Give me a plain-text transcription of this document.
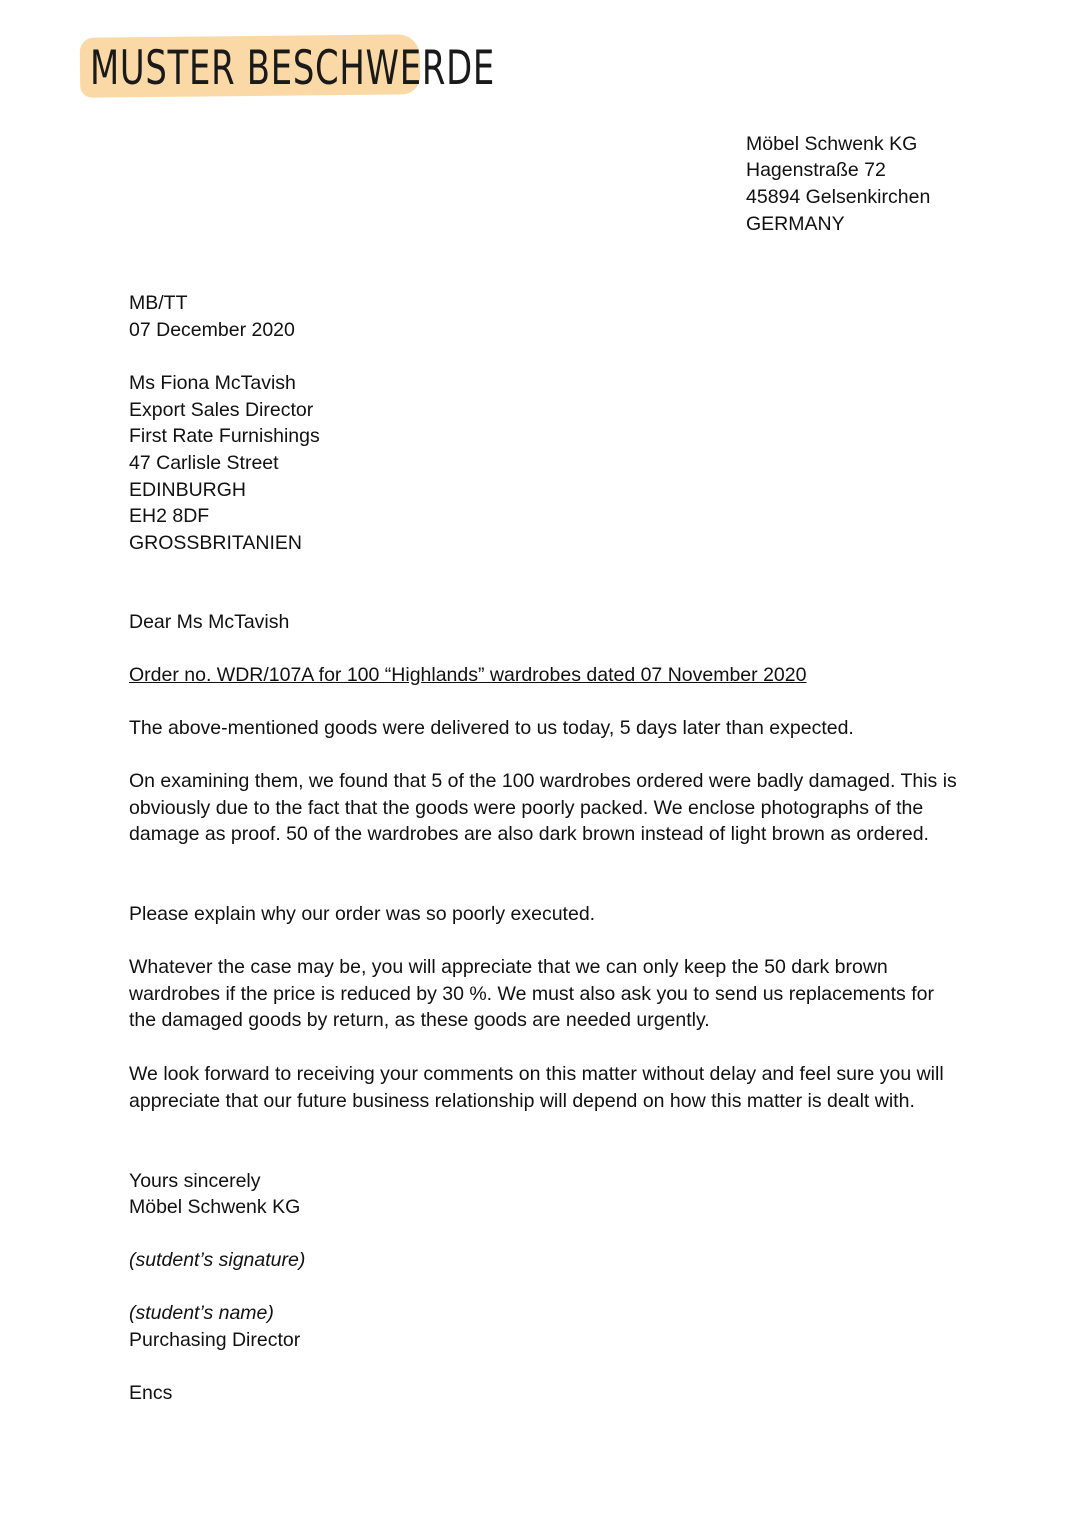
MUSTER BESCHWERDE
Möbel Schwenk KG
Hagenstraße 72
45894 Gelsenkirchen
GERMANY
MB/TT
07 December 2020
Ms Fiona McTavish
Export Sales Director
First Rate Furnishings
47 Carlisle Street
EDINBURGH
EH2 8DF
GROSSBRITANIEN
Dear Ms McTavish
Order no. WDR/107A for 100 “Highlands” wardrobes dated 07 November 2020
The above-mentioned goods were delivered to us today, 5 days later than expected.
On examining them, we found that 5 of the 100 wardrobes ordered were badly damaged. This is obviously due to the fact that the goods were poorly packed. We enclose photographs of the damage as proof. 50 of the wardrobes are also dark brown instead of light brown as ordered.
Please explain why our order was so poorly executed.
Whatever the case may be, you will appreciate that we can only keep the 50 dark brown wardrobes if the price is reduced by 30 %. We must also ask you to send us replacements for the damaged goods by return, as these goods are needed urgently.
We look forward to receiving your comments on this matter without delay and feel sure you will appreciate that our future business relationship will depend on how this matter is dealt with.
Yours sincerely
Möbel Schwenk KG
(sutdent’s signature)
(student’s name)
Purchasing Director
Encs
